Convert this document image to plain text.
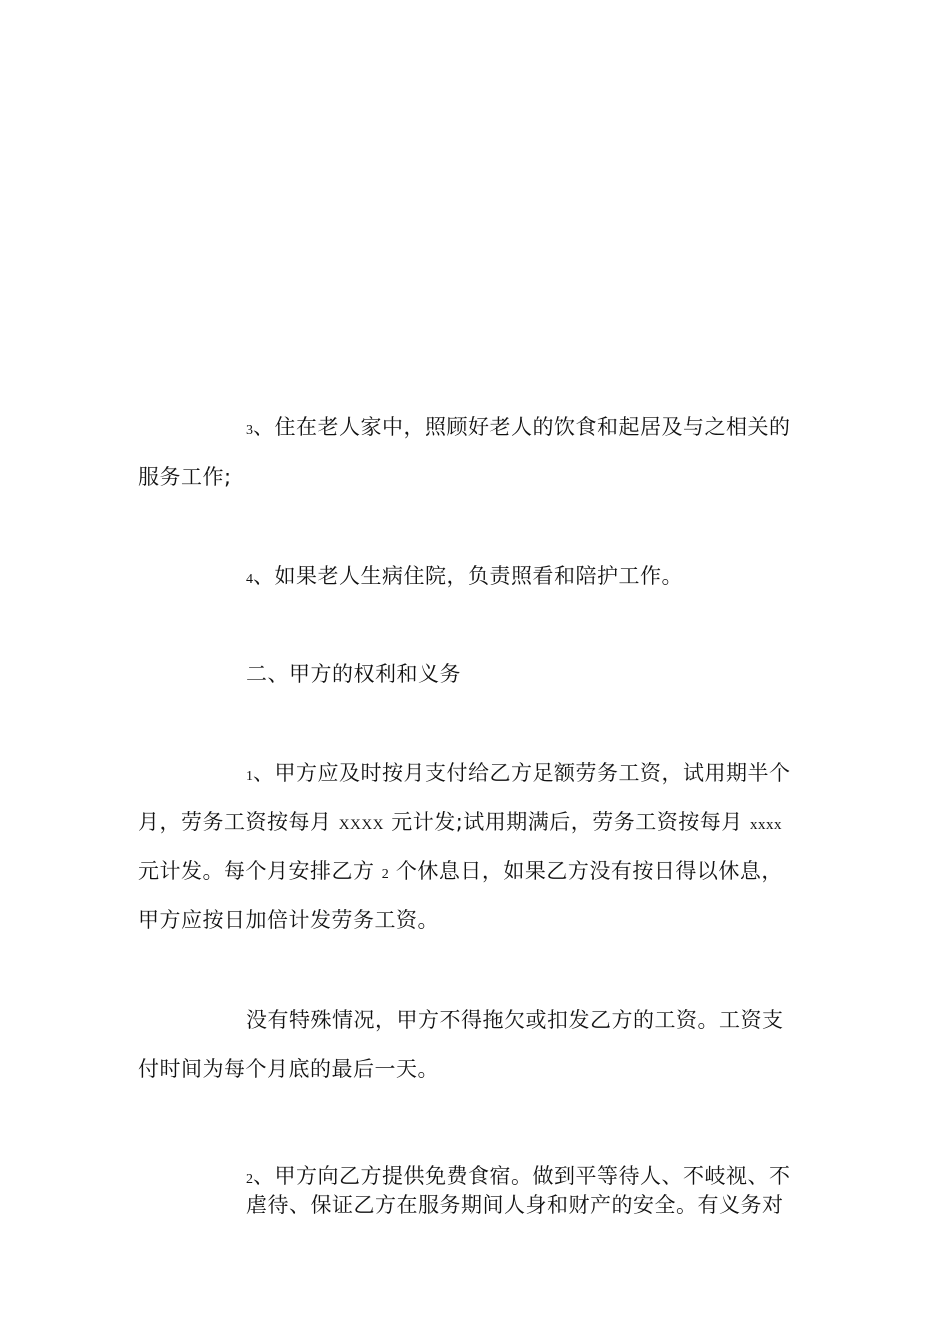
3、住在老人家中，照顾好老人的饮食和起居及与之相关的
服务工作;
4、如果老人生病住院，负责照看和陪护工作。
二、甲方的权利和义务
1、甲方应及时按月支付给乙方足额劳务工资，试用期半个
月，劳务工资按每月 XXXX 元计发;试用期满后，劳务工资按每月 xxxx
元计发。每个月安排乙方 2 个休息日，如果乙方没有按日得以休息，
甲方应按日加倍计发劳务工资。
没有特殊情况，甲方不得拖欠或扣发乙方的工资。工资支
付时间为每个月底的最后一天。
2、甲方向乙方提供免费食宿。做到平等待人、不岐视、不
虐待、保证乙方在服务期间人身和财产的安全。有义务对
